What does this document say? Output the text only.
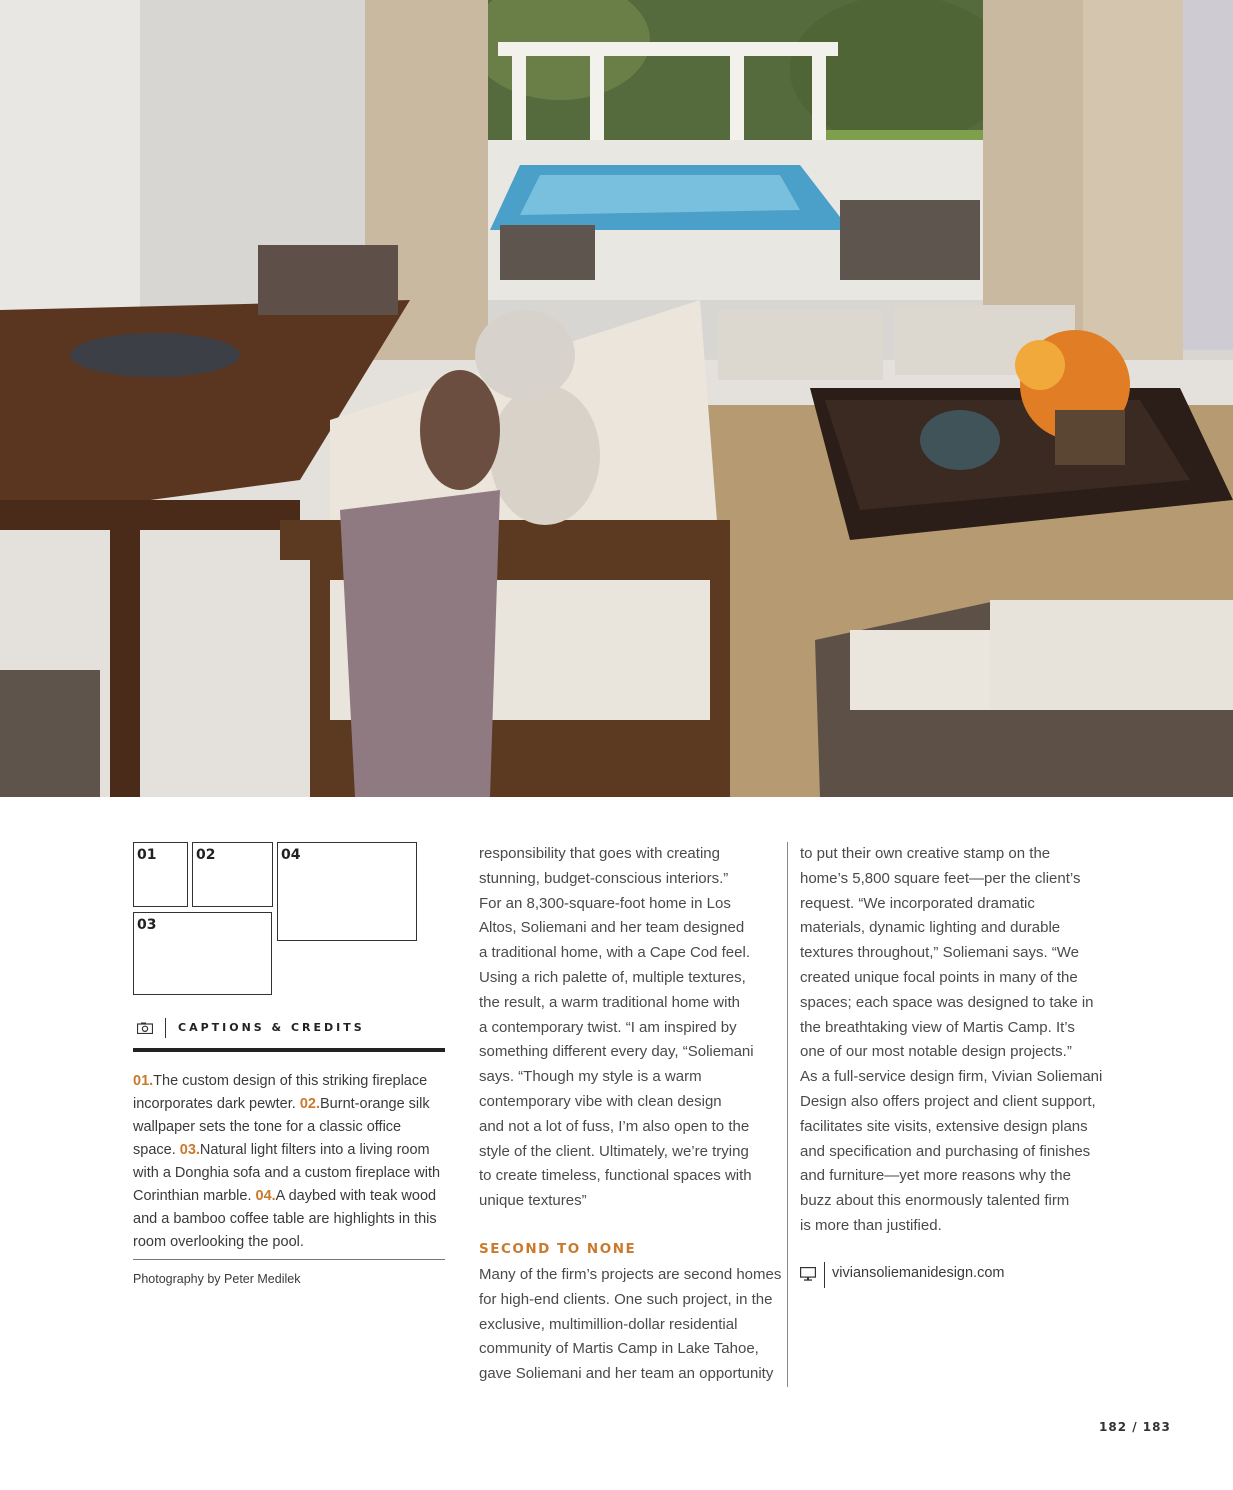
01	02	04
03
CAPTIONS & CREDITS
01.The custom design of this striking fireplace incorporates dark pewter. 02.Burnt-orange silk wallpaper sets the tone for a classic office space. 03.Natural light filters into a living room with a Donghia sofa and a custom fireplace with Corinthian marble. 04.A daybed with teak wood and a bamboo coffee table are highlights in this room overlooking the pool.
Photography by Peter Medilek

responsibility that goes with creating

stunning, budget-conscious interiors.”

For an 8,300-square-foot home in Los

Altos, Soliemani and her team designed

a traditional home, with a Cape Cod feel.

Using a rich palette of, multiple textures,

the result, a warm traditional home with

a contemporary twist. “I am inspired by

something different every day, “Soliemani

says. “Though my style is a warm

contemporary vibe with clean design

and not a lot of fuss, I’m also open to the

style of the client. Ultimately, we’re trying

to create timeless, functional spaces with

unique textures”

SECOND TO NONE

Many of the firm’s projects are second homes

for high-end clients. One such project, in the

exclusive, multimillion-dollar residential

community of Martis Camp in Lake Tahoe,

gave Soliemani and her team an opportunity

to put their own creative stamp on the

home’s 5,800 square feet—per the client’s

request. “We incorporated dramatic

materials, dynamic lighting and durable

textures throughout,” Soliemani says. “We

created unique focal points in many of the

spaces; each space was designed to take in

the breathtaking view of Martis Camp. It’s

one of our most notable design projects.”

As a full-service design firm, Vivian Soliemani

Design also offers project and client support,

facilitates site visits, extensive design plans

and specification and purchasing of finishes

and furniture—yet more reasons why the

buzz about this enormously talented firm

is more than justified.

viviansoliemanidesign.com
182 / 183
